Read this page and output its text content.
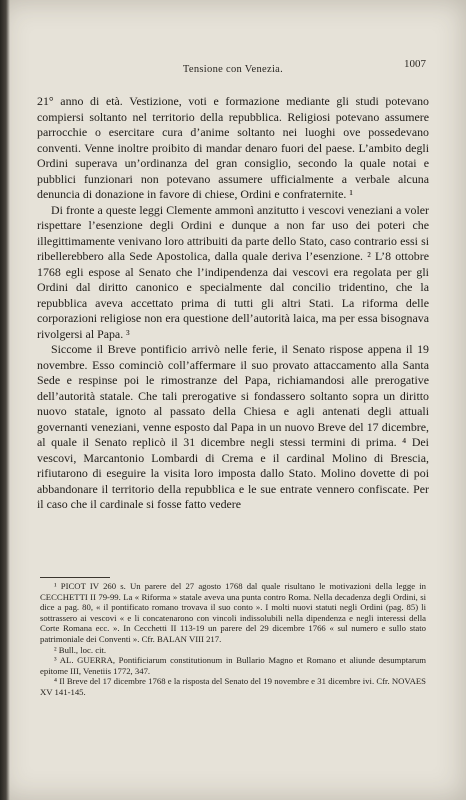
Tensione con Venezia.	1007

21° anno di età. Vestizione, voti e formazione mediante gli studi potevano compiersi soltanto nel territorio della repubblica. Religiosi potevano assumere parrocchie o esercitare cura d’anime soltanto nei luoghi ove possedevano conventi. Venne inoltre proibito di mandar denaro fuori del paese. L’ambito degli Ordini superava un’ordinanza del gran consiglio, secondo la quale notai e pubblici funzionari non potevano assumere ufficialmente a verbale alcuna denuncia di donazione in favore di chiese, Ordini e confraternite. ¹

Di fronte a queste leggi Clemente ammonì anzitutto i vescovi veneziani a voler rispettare l’esenzione degli Ordini e dunque a non far uso dei poteri che illegittimamente venivano loro attribuiti da parte dello Stato, caso contrario essi si ribellerebbero alla Sede Apostolica, dalla quale deriva l’esenzione. ² L’8 ottobre 1768 egli espose al Senato che l’indipendenza dai vescovi era regolata per gli Ordini dal diritto canonico e specialmente dal concilio tridentino, che la repubblica aveva accettato prima di tutti gli altri Stati. La riforma delle corporazioni religiose non era questione dell’autorità laica, ma per essa bisognava rivolgersi al Papa. ³

Siccome il Breve pontificio arrivò nelle ferie, il Senato rispose appena il 19 novembre. Esso cominciò coll’affermare il suo provato attaccamento alla Santa Sede e respinse poi le rimostranze del Papa, richiamandosi alle prerogative dell’autorità statale. Che tali prerogative si fondassero soltanto sopra un diritto nuovo statale, ignoto al passato della Chiesa e agli antenati degli attuali governanti veneziani, venne esposto dal Papa in un nuovo Breve del 17 dicembre, al quale il Senato replicò il 31 dicembre negli stessi termini di prima. ⁴ Dei vescovi, Marcantonio Lombardi di Crema e il cardinal Molino di Brescia, rifiutarono di eseguire la visita loro imposta dallo Stato. Molino dovette di poi abbandonare il territorio della repubblica e le sue entrate vennero confiscate. Per il caso che il cardinale si fosse fatto vedere

¹ PICOT IV 260 s. Un parere del 27 agosto 1768 dal quale risultano le motivazioni della legge in CECCHETTI II 79-99. La « Riforma » statale aveva una punta contro Roma. Nella decadenza degli Ordini, si dice a pag. 80, « il pontificato romano trovava il suo conto ». I molti nuovi statuti negli Ordini (pag. 85) li sottrassero ai vescovi « e li concatenarono con vincoli indissolubili nella dipendenza e negli interessi della Corte Romana ecc. ». In Cecchetti II 113-19 un parere del 29 dicembre 1766 « sul numero e sullo stato patrimoniale dei Conventi ». Cfr. BALAN VIII 217.

² Bull., loc. cit.

³ AL. GUERRA, Pontificiarum constitutionum in Bullario Magno et Romano et aliunde desumptarum epitome III, Venetiis 1772, 347.

⁴ Il Breve del 17 dicembre 1768 e la risposta del Senato del 19 novembre e 31 dicembre ivi. Cfr. NOVAES XV 141-145.
